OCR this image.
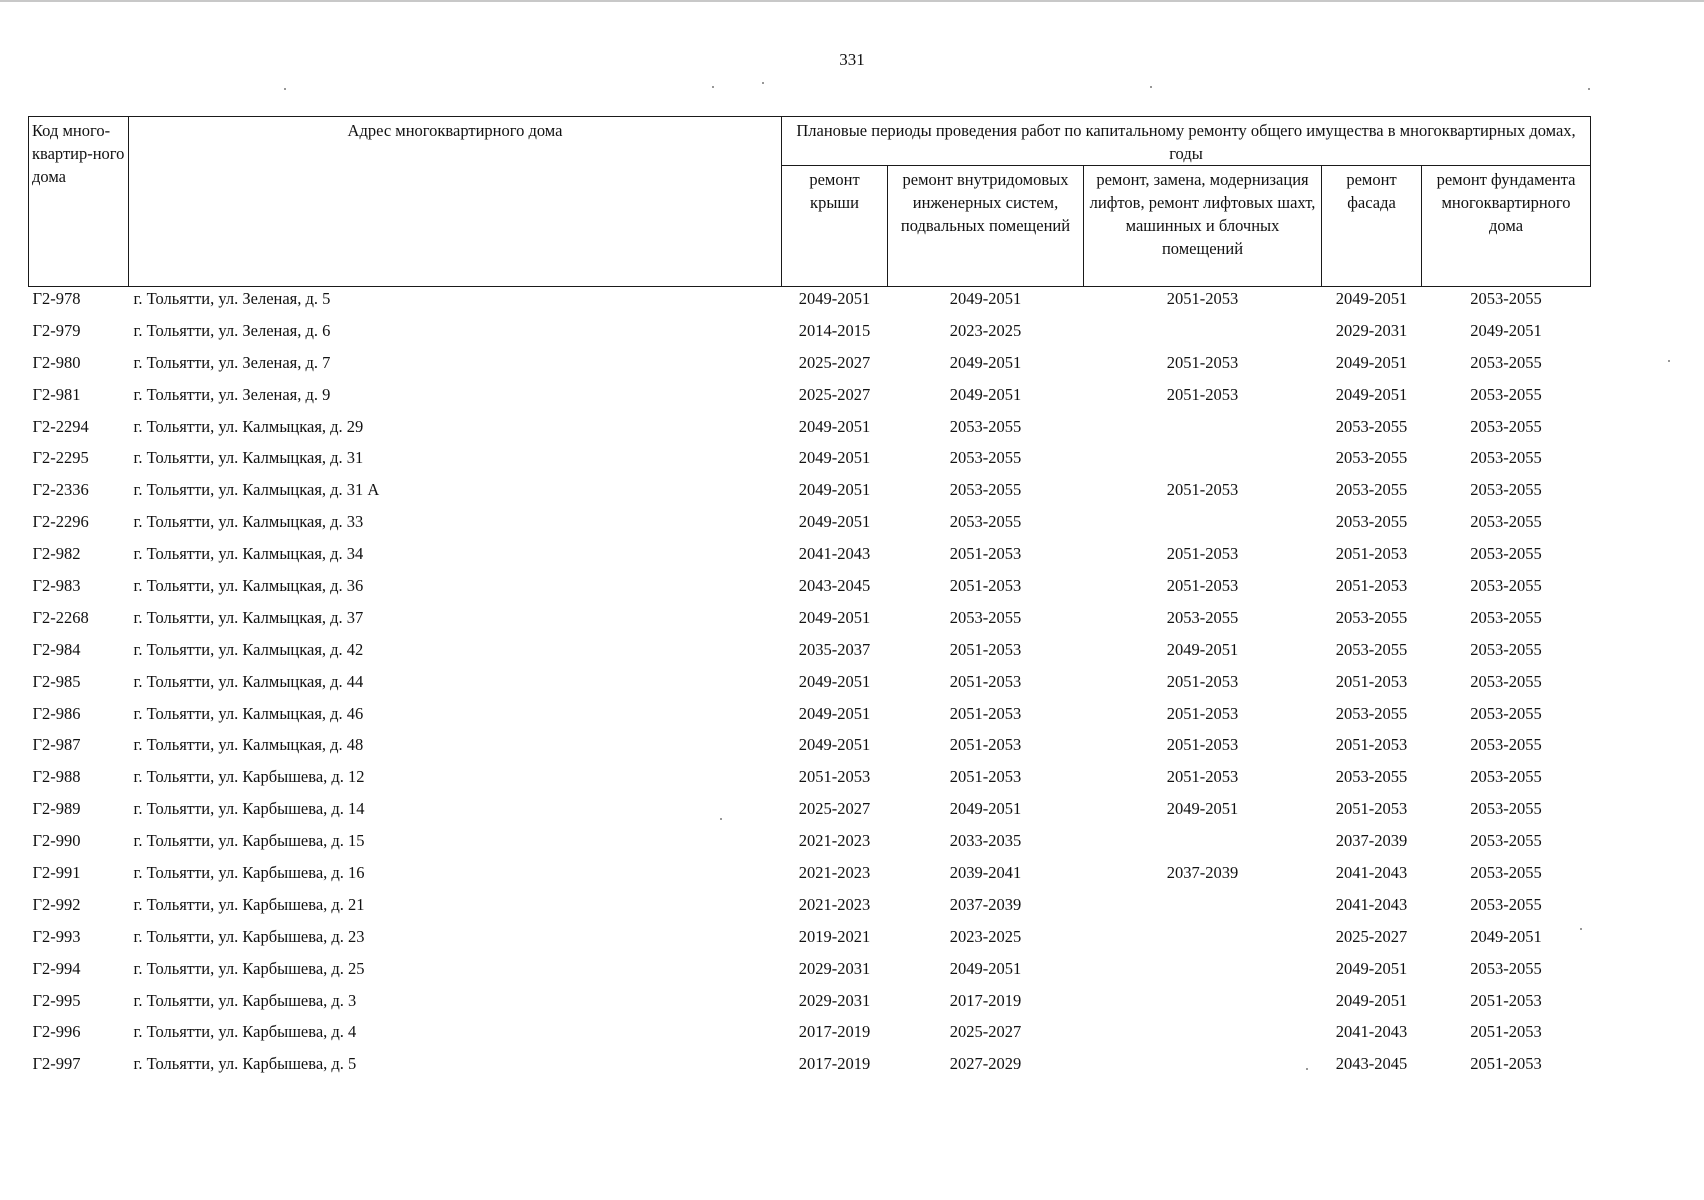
331
Код много-квартир-ного дома	Адрес многоквартирного дома	Плановые периоды проведения работ по капитальному ремонту общего имущества в многоквартирных домах, годы				
		ремонт крыши	ремонт внутридомовых инженерных систем, подвальных помещений	ремонт, замена, модернизация лифтов, ремонт лифтовых шахт, машинных и блочных помещений	ремонт фасада	ремонт фундамента многоквартирного дома
Г2-978	г. Тольятти, ул. Зеленая, д. 5	2049-2051	2049-2051	2051-2053	2049-2051	2053-2055
Г2-979	г. Тольятти, ул. Зеленая, д. 6	2014-2015	2023-2025		2029-2031	2049-2051
Г2-980	г. Тольятти, ул. Зеленая, д. 7	2025-2027	2049-2051	2051-2053	2049-2051	2053-2055
Г2-981	г. Тольятти, ул. Зеленая, д. 9	2025-2027	2049-2051	2051-2053	2049-2051	2053-2055
Г2-2294	г. Тольятти, ул. Калмыцкая, д. 29	2049-2051	2053-2055		2053-2055	2053-2055
Г2-2295	г. Тольятти, ул. Калмыцкая, д. 31	2049-2051	2053-2055		2053-2055	2053-2055
Г2-2336	г. Тольятти, ул. Калмыцкая, д. 31 А	2049-2051	2053-2055	2051-2053	2053-2055	2053-2055
Г2-2296	г. Тольятти, ул. Калмыцкая, д. 33	2049-2051	2053-2055		2053-2055	2053-2055
Г2-982	г. Тольятти, ул. Калмыцкая, д. 34	2041-2043	2051-2053	2051-2053	2051-2053	2053-2055
Г2-983	г. Тольятти, ул. Калмыцкая, д. 36	2043-2045	2051-2053	2051-2053	2051-2053	2053-2055
Г2-2268	г. Тольятти, ул. Калмыцкая, д. 37	2049-2051	2053-2055	2053-2055	2053-2055	2053-2055
Г2-984	г. Тольятти, ул. Калмыцкая, д. 42	2035-2037	2051-2053	2049-2051	2053-2055	2053-2055
Г2-985	г. Тольятти, ул. Калмыцкая, д. 44	2049-2051	2051-2053	2051-2053	2051-2053	2053-2055
Г2-986	г. Тольятти, ул. Калмыцкая, д. 46	2049-2051	2051-2053	2051-2053	2053-2055	2053-2055
Г2-987	г. Тольятти, ул. Калмыцкая, д. 48	2049-2051	2051-2053	2051-2053	2051-2053	2053-2055
Г2-988	г. Тольятти, ул. Карбышева, д. 12	2051-2053	2051-2053	2051-2053	2053-2055	2053-2055
Г2-989	г. Тольятти, ул. Карбышева, д. 14	2025-2027	2049-2051	2049-2051	2051-2053	2053-2055
Г2-990	г. Тольятти, ул. Карбышева, д. 15	2021-2023	2033-2035		2037-2039	2053-2055
Г2-991	г. Тольятти, ул. Карбышева, д. 16	2021-2023	2039-2041	2037-2039	2041-2043	2053-2055
Г2-992	г. Тольятти, ул. Карбышева, д. 21	2021-2023	2037-2039		2041-2043	2053-2055
Г2-993	г. Тольятти, ул. Карбышева, д. 23	2019-2021	2023-2025		2025-2027	2049-2051
Г2-994	г. Тольятти, ул. Карбышева, д. 25	2029-2031	2049-2051		2049-2051	2053-2055
Г2-995	г. Тольятти, ул. Карбышева, д. 3	2029-2031	2017-2019		2049-2051	2051-2053
Г2-996	г. Тольятти, ул. Карбышева, д. 4	2017-2019	2025-2027		2041-2043	2051-2053
Г2-997	г. Тольятти, ул. Карбышева, д. 5	2017-2019	2027-2029		2043-2045	2051-2053
